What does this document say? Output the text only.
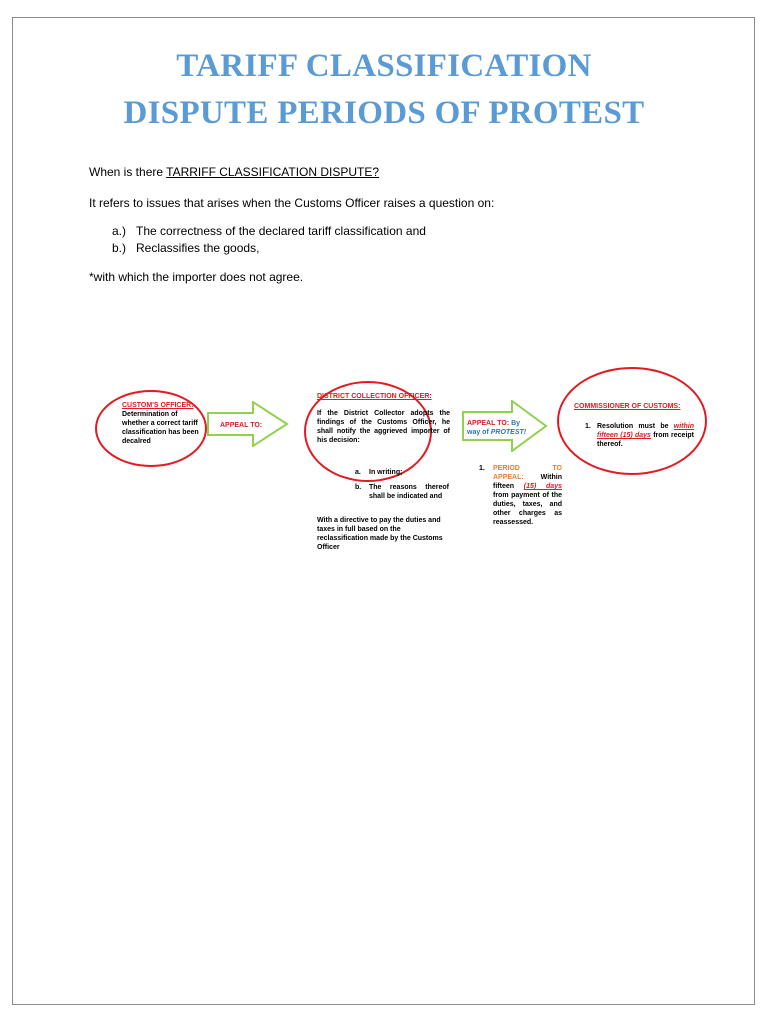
TARIFF CLASSIFICATION
DISPUTE PERIODS OF PROTEST
When is there TARRIFF CLASSIFICATION DISPUTE?
It refers to issues that arises when the Customs Officer raises a question on:
a.) The correctness of the declared tariff classification and
b.) Reclassifies the goods,
*with which the importer does not agree.
CUSTOM'S OFFICER:
Determination of whether a correct tariff classification has been decalred
APPEAL TO:
DISTRICT COLLECTION OFFICER:
If the District Collector adopts the findings of the Customs Officer, he shall notify the aggrieved importer of his decision:
a.	In writing;
b.	The reasons thereof shall be indicated and
With a directive to pay the duties and taxes in full based on the reclassification made by the Customs Officer
APPEAL TO: By
way of PROTEST!
1.	PERIOD TO APPEAL: Within fifteen (15) days from payment of the duties, taxes, and other charges as reassessed.
COMMISSIONER OF CUSTOMS:
1. Resolution must be within fifteen (15) days from receipt thereof.
